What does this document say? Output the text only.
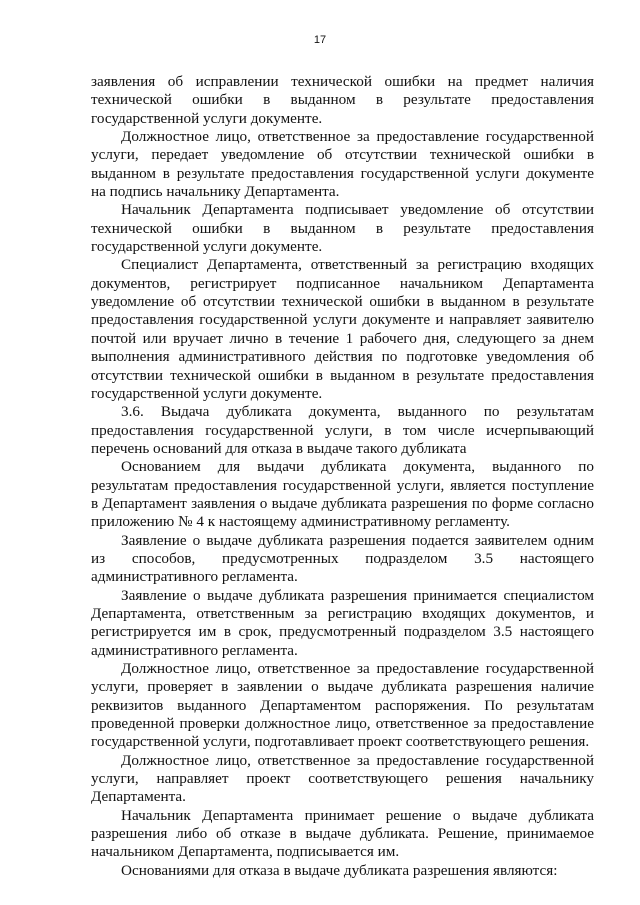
17

заявления об исправлении технической ошибки на предмет наличия технической ошибки в выданном в результате предоставления государственной услуги документе.

Должностное лицо, ответственное за предоставление государственной услуги, передает уведомление об отсутствии технической ошибки в выданном в результате предоставления государственной услуги документе на подпись начальнику Департамента.

Начальник Департамента подписывает уведомление об отсутствии технической ошибки в выданном в результате предоставления государственной услуги документе.

Специалист Департамента, ответственный за регистрацию входящих документов, регистрирует подписанное начальником Департамента уведомление об отсутствии технической ошибки в выданном в результате предоставления государственной услуги документе и направляет заявителю почтой или вручает лично в течение 1 рабочего дня, следующего за днем выполнения административного действия по подготовке уведомления об отсутствии технической ошибки в выданном в результате предоставления государственной услуги документе.

3.6. Выдача дубликата документа, выданного по результатам предоставления государственной услуги, в том числе исчерпывающий перечень оснований для отказа в выдаче такого дубликата

Основанием для выдачи дубликата документа, выданного по результатам предоставления государственной услуги, является поступление в Департамент заявления о выдаче дубликата разрешения по форме согласно приложению № 4 к настоящему административному регламенту.

Заявление о выдаче дубликата разрешения подается заявителем одним из способов, предусмотренных подразделом 3.5 настоящего административного регламента.

Заявление о выдаче дубликата разрешения принимается специалистом Департамента, ответственным за регистрацию входящих документов, и регистрируется им в срок, предусмотренный подразделом 3.5 настоящего административного регламента.

Должностное лицо, ответственное за предоставление государственной услуги, проверяет в заявлении о выдаче дубликата разрешения наличие реквизитов выданного Департаментом распоряжения. По результатам проведенной проверки должностное лицо, ответственное за предоставление государственной услуги, подготавливает проект соответствующего решения.

Должностное лицо, ответственное за предоставление государственной услуги, направляет проект соответствующего решения начальнику Департамента.

Начальник Департамента принимает решение о выдаче дубликата разрешения либо об отказе в выдаче дубликата. Решение, принимаемое начальником Департамента, подписывается им.

Основаниями для отказа в выдаче дубликата разрешения являются:
